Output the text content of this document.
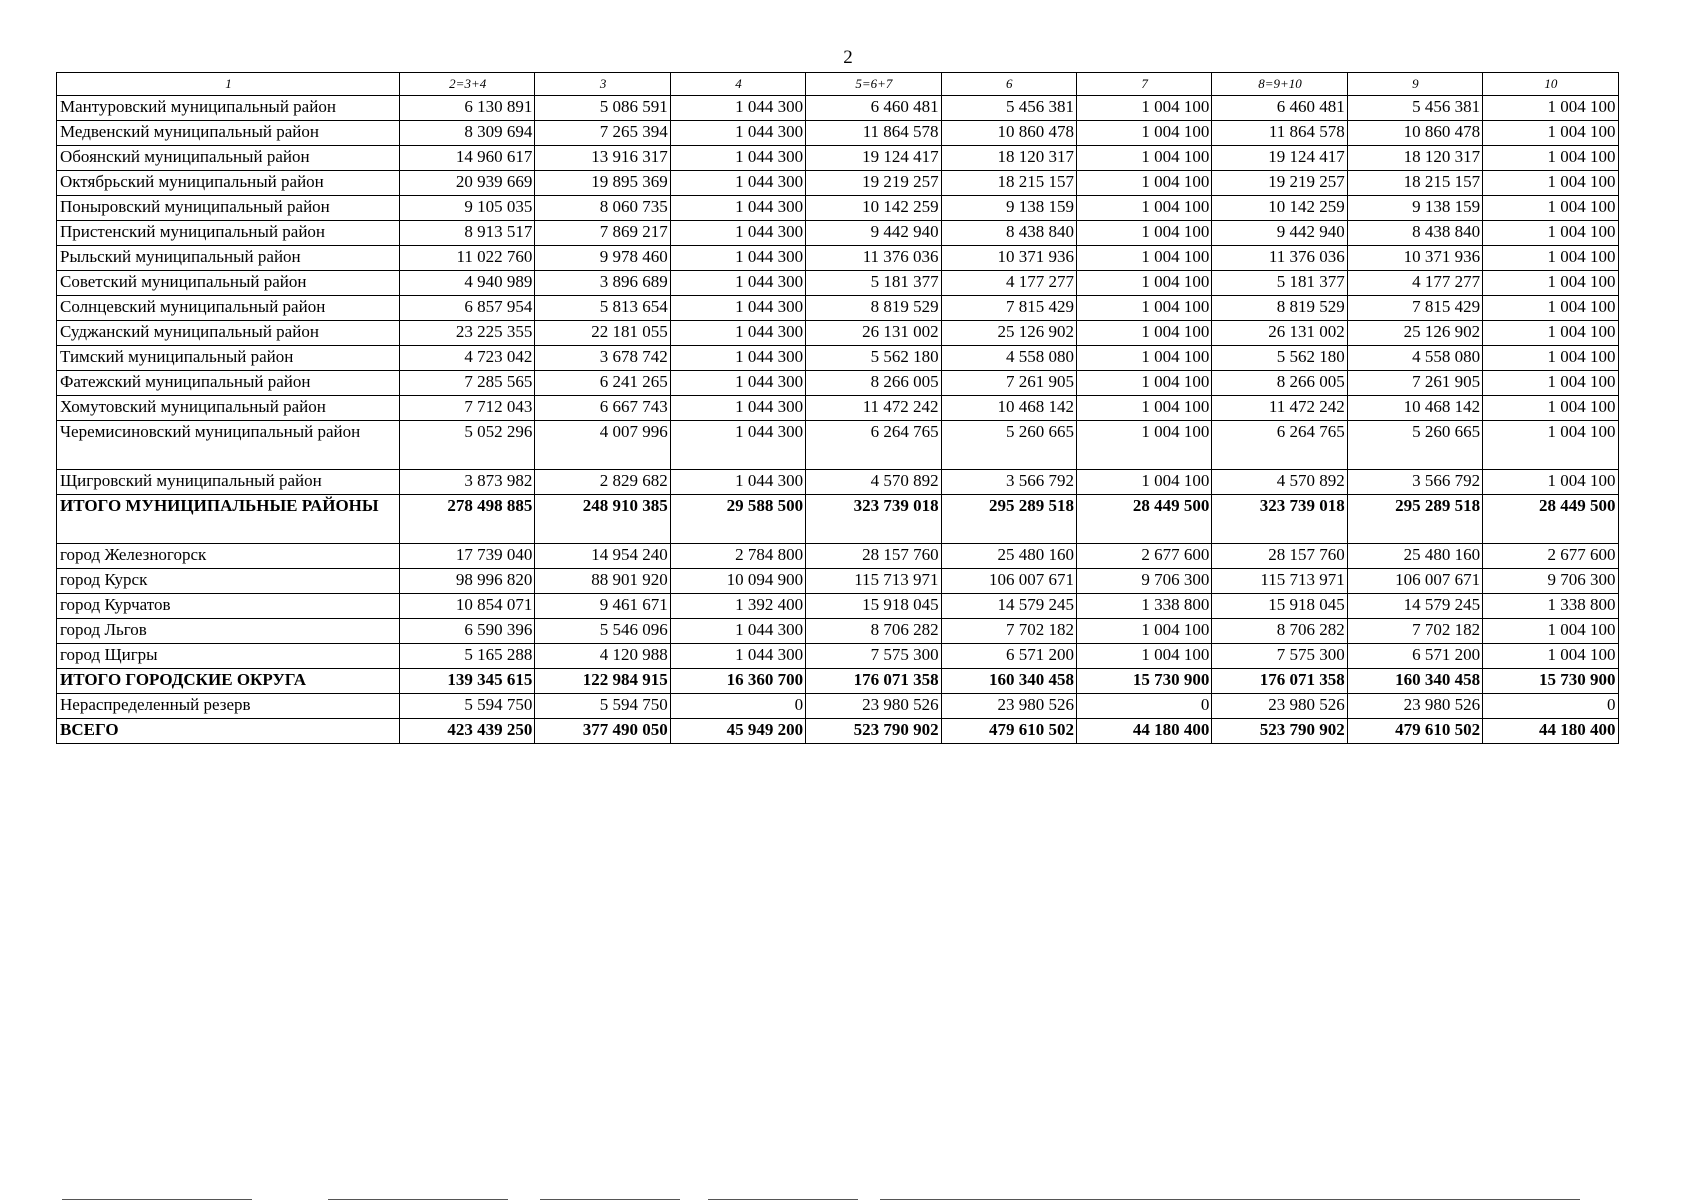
2
1	2=3+4	3	4	5=6+7	6	7	8=9+10	9	10
Мантуровский муниципальный район	6 130 891	5 086 591	1 044 300	6 460 481	5 456 381	1 004 100	6 460 481	5 456 381	1 004 100
Медвенский муниципальный район	8 309 694	7 265 394	1 044 300	11 864 578	10 860 478	1 004 100	11 864 578	10 860 478	1 004 100
Обоянский муниципальный район	14 960 617	13 916 317	1 044 300	19 124 417	18 120 317	1 004 100	19 124 417	18 120 317	1 004 100
Октябрьский муниципальный район	20 939 669	19 895 369	1 044 300	19 219 257	18 215 157	1 004 100	19 219 257	18 215 157	1 004 100
Поныровский муниципальный район	9 105 035	8 060 735	1 044 300	10 142 259	9 138 159	1 004 100	10 142 259	9 138 159	1 004 100
Пристенский муниципальный район	8 913 517	7 869 217	1 044 300	9 442 940	8 438 840	1 004 100	9 442 940	8 438 840	1 004 100
Рыльский муниципальный район	11 022 760	9 978 460	1 044 300	11 376 036	10 371 936	1 004 100	11 376 036	10 371 936	1 004 100
Советский муниципальный район	4 940 989	3 896 689	1 044 300	5 181 377	4 177 277	1 004 100	5 181 377	4 177 277	1 004 100
Солнцевский муниципальный район	6 857 954	5 813 654	1 044 300	8 819 529	7 815 429	1 004 100	8 819 529	7 815 429	1 004 100
Суджанский муниципальный район	23 225 355	22 181 055	1 044 300	26 131 002	25 126 902	1 004 100	26 131 002	25 126 902	1 004 100
Тимский муниципальный район	4 723 042	3 678 742	1 044 300	5 562 180	4 558 080	1 004 100	5 562 180	4 558 080	1 004 100
Фатежский муниципальный район	7 285 565	6 241 265	1 044 300	8 266 005	7 261 905	1 004 100	8 266 005	7 261 905	1 004 100
Хомутовский муниципальный район	7 712 043	6 667 743	1 044 300	11 472 242	10 468 142	1 004 100	11 472 242	10 468 142	1 004 100
Черемисиновский муниципальный район	5 052 296	4 007 996	1 044 300	6 264 765	5 260 665	1 004 100	6 264 765	5 260 665	1 004 100
Щигровский муниципальный район	3 873 982	2 829 682	1 044 300	4 570 892	3 566 792	1 004 100	4 570 892	3 566 792	1 004 100
ИТОГО МУНИЦИПАЛЬНЫЕ РАЙОНЫ	278 498 885	248 910 385	29 588 500	323 739 018	295 289 518	28 449 500	323 739 018	295 289 518	28 449 500
город Железногорск	17 739 040	14 954 240	2 784 800	28 157 760	25 480 160	2 677 600	28 157 760	25 480 160	2 677 600
город Курск	98 996 820	88 901 920	10 094 900	115 713 971	106 007 671	9 706 300	115 713 971	106 007 671	9 706 300
город Курчатов	10 854 071	9 461 671	1 392 400	15 918 045	14 579 245	1 338 800	15 918 045	14 579 245	1 338 800
город Льгов	6 590 396	5 546 096	1 044 300	8 706 282	7 702 182	1 004 100	8 706 282	7 702 182	1 004 100
город Щигры	5 165 288	4 120 988	1 044 300	7 575 300	6 571 200	1 004 100	7 575 300	6 571 200	1 004 100
ИТОГО ГОРОДСКИЕ ОКРУГА	139 345 615	122 984 915	16 360 700	176 071 358	160 340 458	15 730 900	176 071 358	160 340 458	15 730 900
Нераспределенный резерв	5 594 750	5 594 750	0	23 980 526	23 980 526	0	23 980 526	23 980 526	0
ВСЕГО	423 439 250	377 490 050	45 949 200	523 790 902	479 610 502	44 180 400	523 790 902	479 610 502	44 180 400
